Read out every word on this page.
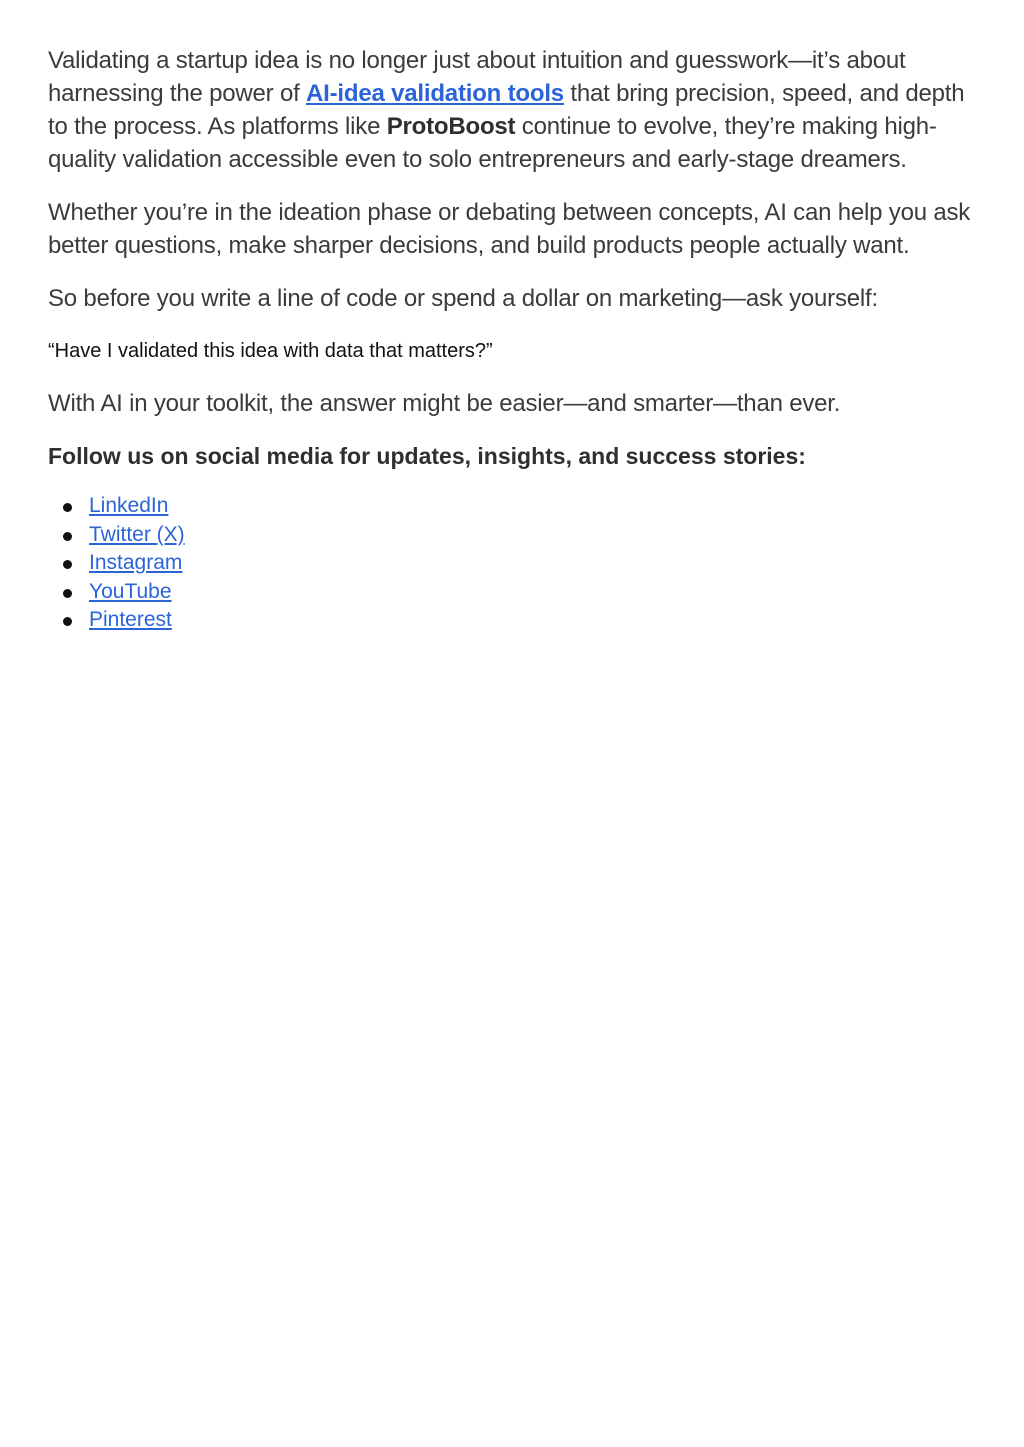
Validating a startup idea is no longer just about intuition and guesswork—it’s about harnessing the power of AI-idea validation tools that bring precision, speed, and depth to the process. As platforms like ProtoBoost continue to evolve, they’re making high-quality validation accessible even to solo entrepreneurs and early-stage dreamers.

Whether you’re in the ideation phase or debating between concepts, AI can help you ask better questions, make sharper decisions, and build products people actually want.

So before you write a line of code or spend a dollar on marketing—ask yourself:

“Have I validated this idea with data that matters?”

With AI in your toolkit, the answer might be easier—and smarter—than ever.

Follow us on social media for updates, insights, and success stories:

LinkedIn
Twitter (X)
Instagram
YouTube
Pinterest
